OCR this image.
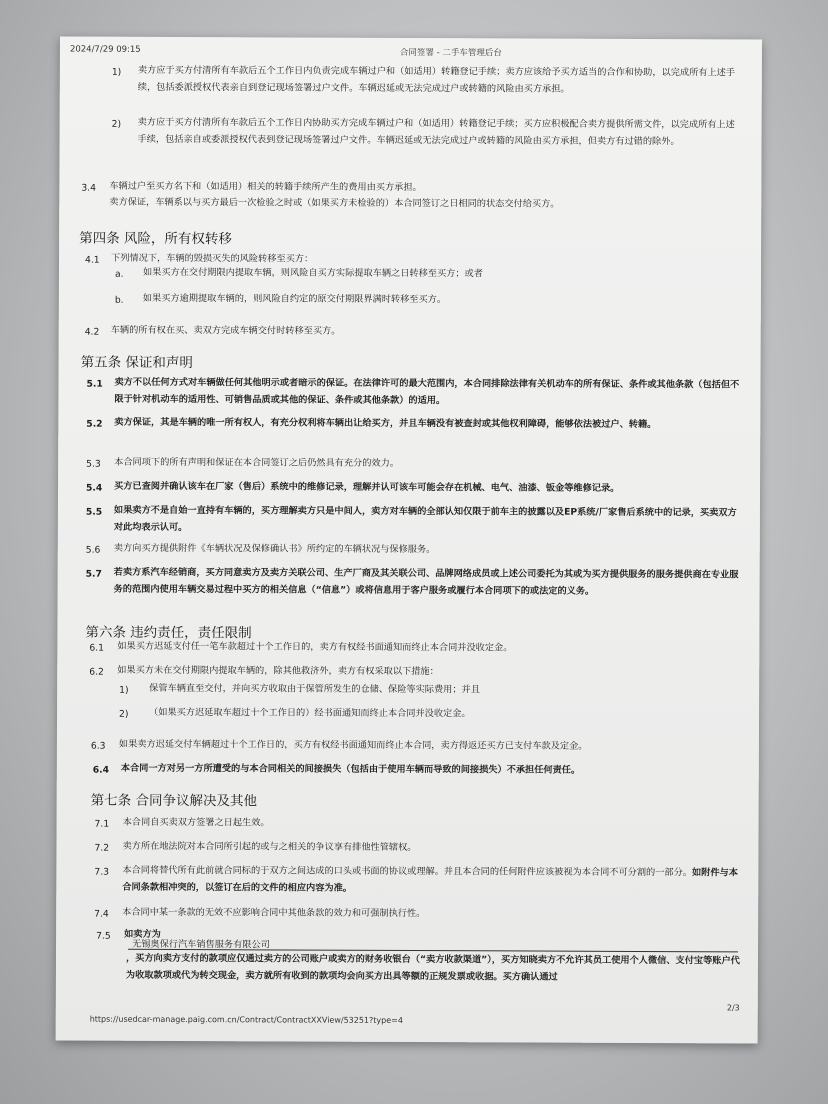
2024/7/29 09:15	合同签署 - 二手车管理后台
1) 卖方应于买方付清所有车款后五个工作日内负责完成车辆过户和（如适用）转籍登记手续；卖方应该给予买方适当的合作和协助，以完成所有上述手续，包括委派授权代表亲自到登记现场签署过户文件。车辆迟延或无法完成过户或转籍的风险由买方承担。
2) 卖方应于买方付清所有车款后五个工作日内协助买方完成车辆过户和（如适用）转籍登记手续；买方应积极配合卖方提供所需文件，以完成所有上述手续，包括亲自或委派授权代表到登记现场签署过户文件。车辆迟延或无法完成过户或转籍的风险由买方承担，但卖方有过错的除外。
3.4 车辆过户至买方名下和（如适用）相关的转籍手续所产生的费用由买方承担。
卖方保证，车辆系以与买方最后一次检验之时或（如果买方未检验的）本合同签订之日相同的状态交付给买方。
第四条 风险，所有权转移
4.1 下列情况下，车辆的毁损灭失的风险转移至买方：
a. 如果买方在交付期限内提取车辆，则风险自买方实际提取车辆之日转移至买方；或者
b. 如果买方逾期提取车辆的，则风险自约定的原交付期限界满时转移至买方。
4.2 车辆的所有权在买、卖双方完成车辆交付时转移至买方。
第五条 保证和声明
5.1 卖方不以任何方式对车辆做任何其他明示或者暗示的保证。在法律许可的最大范围内，本合同排除法律有关机动车的所有保证、条件或其他条款（包括但不限于针对机动车的适用性、可销售品质或其他的保证、条件或其他条款）的适用。
5.2 卖方保证，其是车辆的唯一所有权人，有充分权利将车辆出让给买方，并且车辆没有被查封或其他权利障碍，能够依法被过户、转籍。
5.3 本合同项下的所有声明和保证在本合同签订之后仍然具有充分的效力。
5.4 买方已查阅并确认该车在厂家（售后）系统中的维修记录，理解并认可该车可能会存在机械、电气、油漆、钣金等维修记录。
5.5 如果卖方不是自始一直持有车辆的，买方理解卖方只是中间人，卖方对车辆的全部认知仅限于前车主的披露以及EP系统/厂家售后系统中的记录，买卖双方对此均表示认可。
5.6 卖方向买方提供附件《车辆状况及保修确认书》所约定的车辆状况与保修服务。
5.7 若卖方系汽车经销商，买方同意卖方及卖方关联公司、生产厂商及其关联公司、品牌网络成员或上述公司委托为其或为买方提供服务的服务提供商在专业服务的范围内使用车辆交易过程中买方的相关信息（“信息”）或将信息用于客户服务或履行本合同项下的或法定的义务。
第六条 违约责任，责任限制
6.1 如果买方迟延支付任一笔车款超过十个工作日的，卖方有权经书面通知而终止本合同并没收定金。
6.2 如果买方未在交付期限内提取车辆的，除其他救济外，卖方有权采取以下措施：
1) 保管车辆直至交付，并向买方收取由于保管所发生的仓储、保险等实际费用；并且
2) （如果买方迟延取车超过十个工作日的）经书面通知而终止本合同并没收定金。
6.3 如果卖方迟延交付车辆超过十个工作日的，买方有权经书面通知而终止本合同，卖方得返还买方已支付车款及定金。
6.4 本合同一方对另一方所遭受的与本合同相关的间接损失（包括由于使用车辆而导致的间接损失）不承担任何责任。
第七条 合同争议解决及其他
7.1 本合同自买卖双方签署之日起生效。
7.2 卖方所在地法院对本合同所引起的或与之相关的争议享有排他性管辖权。
7.3 本合同将替代所有此前就合同标的于双方之间达成的口头或书面的协议或理解。并且本合同的任何附件应该被视为本合同不可分割的一部分。如附件与本合同条款相冲突的，以签订在后的文件的相应内容为准。
7.4 本合同中某一条款的无效不应影响合同中其他条款的效力和可强制执行性。
7.5 如卖方为
无锡奥保行汽车销售服务有限公司
，买方向卖方支付的款项应仅通过卖方的公司账户或卖方的财务收银台（“卖方收款渠道”），买方知晓卖方不允许其员工使用个人微信、支付宝等账户代为收取款项或代为转交现金，卖方就所有收到的款项均会向买方出具等额的正规发票或收据。买方确认通过
2/3
https://usedcar-manage.paig.com.cn/Contract/ContractXXView/53251?type=4
